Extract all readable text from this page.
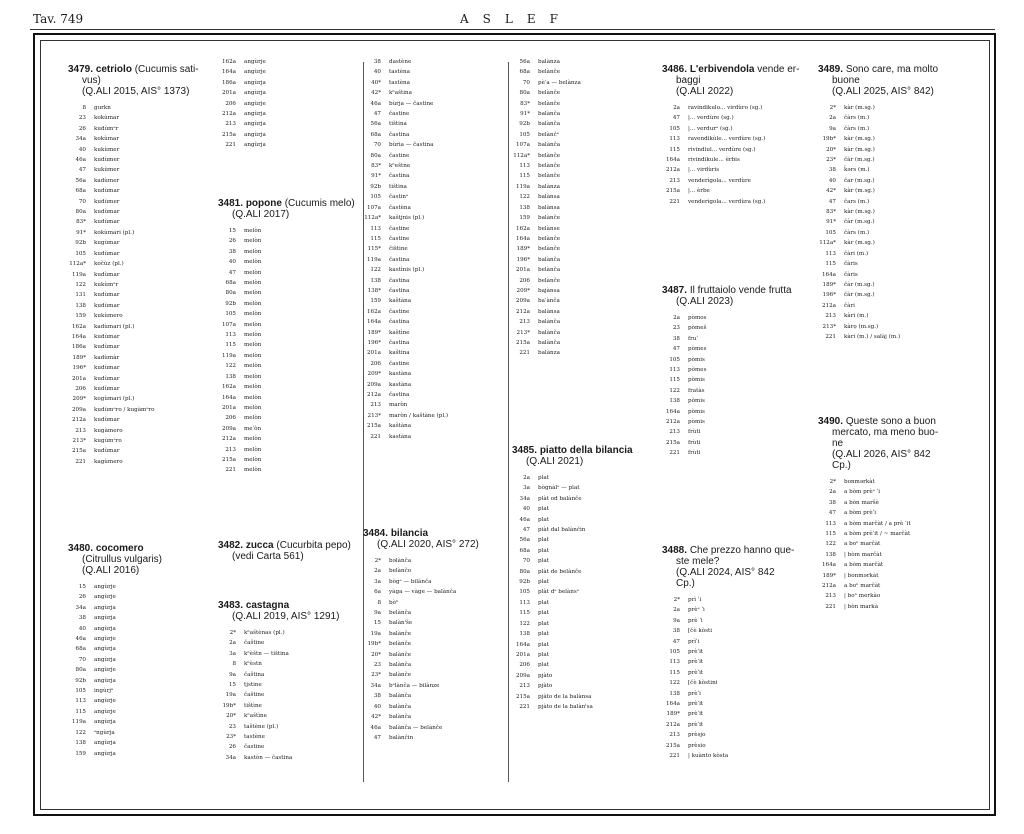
Tav. 749	ASLEF
3479. cetriolo (Cucumis sati-
vus)
(Q.ALI 2015, AIS° 1373)
8	gurkn
23	kokùmar
26	kudùmᵉr
34a	kokùmar
40	kukùmer
46a	kudùmer
47	kukùmer
56a	kadùmer
68a	kudùmar
70	kudùmer
80a	kudùmar
83*	kudùmar
91*	kokùmari (pl.)
92b	kugùmar
105	kudùmar
112a*	kočùz (pl.)
119a	kudùmar
122	kukùmᵉr
131	kudùmar
138	kudùmar
159	kukùmero
162a	kadùmari (pl.)
164a	kudùmar
186a	kudùmar
189*	kadùmàr
196*	kudùmar
201a	kudùmar
206	kudùmar
209*	kogùmari (pl.)
209a	kudùmᵉro / kugàmᵉro
212a	kudùmar
213	kugàmero
213*	kugùmᵉro
215a	kudùmar
221	kagùmero
3480. cocomero
(Citrullus vulgaris)
(Q.ALI 2016)
15	angùrje
26	angùrje
34a	angùrja
38	angùrja
40	angùrja
46a	angùrje
68a	angùrja
70	angùrja
80a	angùrje
92b	angùrja
105	ingùrjᵃ
113	angùrje
115	angùrje
119a	angùrja
122	ᵊngùrja
138	angùrja
159	angùrja
162a	angùrje
164a	angùrje
186a	angùrja
201a	angùrja
206	angùrje
212a	angùrja
213	angùrja
215a	angùrja
221	angùrja
3481. popone (Cucumis melo)
(Q.ALI 2017)
15	melòn
26	melòn
38	melòn
40	melòn
47	melòn
68a	melòn
80a	melòn
92b	melòn
105	melòn
107a	melòn
113	melòn
115	melòn
119a	melòn
122	melòn
138	melòn
162a	melòn
164a	melòn
201a	melòn
206	melòn
209a	meˈòn
212a	melòn
213	melòn
215a	melòn
221	melòn
3482. zucca (Cucurbita pepo)
(vedi Carta 561)
3483. castagna
(Q.ALI 2019, AIS° 1291)
2*	kʰaštènas (pl.)
2a	čaštine
3a	kʰèštn — tiština
8	kʰèstn
9a	čaština
15	tjstine
19a	čaštine
19b*	tištìne
20*	kʰaštìne
23	taštène (pl.)
23*	tastène
26	častine
34a	kastòn — častina
38	dastène
40	tastèna
40*	tastèna
42*	kʰaština
46a	bùrja — častine
47	častine
56a	tiština
68a	častina
70	bùria — častina
80a	častine
83*	kʰeštne
91*	častina
92b	tiština
105	častinᵉ
107a	častèna
112a*	kaštjnis (pl.)
113	častine
115	častine
115*	čištine
119a	častina
122	kastìnis (pl.)
138	častina
138*	častina
159	kaštàna
162a	častine
164a	častina
189*	kaštìne
196*	častina
201a	kaština
206	častine
209*	kastàna
209a	kastàna
212a	častina
213	maròn
213*	maròn / kaštàne (pl.)
215a	kaštàna
221	kastàna
3484. bilancia
(Q.ALI 2020, AIS° 272)
2*	bəlànča
2a	belànčo
3a	bògᵉ — bilànča
6a	yàga — vàge — balànča
8	bòʰ
9a	belànča
15	balànᵗše
19a	balànče
19b*	belànče
20*	balànče
23	balànča
23*	balànče
34a	bᵉlànča — bilànze
38	balànča
40	balànča
42*	balànča
46a	balànča — belànče
47	balànčin
56a	balànza
68a	belànče
70	pèˈa — belànza
80a	belànče
83*	belànče
91*	balànča
92b	balànča
105	belànčᵉ
107a	balànča
112a*	belànče
113	belànče
115	belànče
119a	balànza
122	balànsa
138	balànsa
159	balànče
162a	belànse
164a	belànče
189*	belànče
196*	balànča
201a	belànča
206	belànče
209*	bajànsa
209a	baˈànča
212a	balànsa
213	balànča
213*	balànča
215a	balànča
221	balànza
3485. piatto della bilancia
(Q.ALI 2021)
2a	plat
3a	bògnàlᵉ — plat
34a	plàt od balànče
40	plat
46a	plat
47	piàt dal balànčin
56a	plat
68a	plat
70	plat
80a	plàt de belànče
92b	plat
105	plàt dᵉ belànsᵉ
113	plat
115	plat
122	plat
138	plat
164a	plat
201a	plat
206	plat
209a	pjàto
213	pjàto
215a	pjàto de la balànsa
221	pjàto de la balànᵗsa
3486. L'erbivendola vende er-
baggi
(Q.ALI 2022)
2a	ravindikulo... virdùro (sg.)
47	|... verdùre (sg.)
105	|... verdurᵉ (sg.)
113	ravendikùle... verdùre (sg.)
115	rivindiul... verdùre (sg.)
164a	rivindikule... èrbis
212a	|... virdùris
213	venderìgola... verdùre
215a	|... èrbe
221	venderìgola... verdùra (sg.)
3487. Il fruttaiolo vende frutta
(Q.ALI 2023)
2a	pòmos
23	pòmeš
38	fruˈ
47	pòmes
105	pòmis
113	pòmes
115	pòmis
122	fratàs
138	pòmis
164a	pòmis
212a	pòmis
213	frùti
215a	frùti
221	frùti
3488. Che prezzo hanno que-
ste mele?
(Q.ALI 2024, AIS° 842
Cp.)
2*	prì ˈi
2a	prèᵉ ˈi
9a	prè ˈi
38	[čè kòsti
47	prìˈi
105	prèˈit
113	prèˈit
115	prèˈit
122	[čè kòstini
138	prèˈi
164a	prèˈit
189*	prèˈit
212a	prèˈit
213	prèsjo
215a	prèsio
221	| kuànto kòsta
3489. Sono care, ma molto
buone
(Q.ALI 2025, AIS° 842)
2*	kàr (m.sg.)
2a	čàrs (m.)
9a	čàrs (m.)
19b*	kàr (m.sg.)
20*	kàr (m.sg.)
23*	čàr (m.sg.)
38	ǩərs (m.)
40	čar (m.sg.)
42*	kàr (m.sg.)
47	čars (m.)
83*	kàr (m.sg.)
91*	čàr (m.sg.)
105	čàrs (m.)
112a*	kàr (m.sg.)
113	čàri (m.)
115	čàris
164a	čàris
189*	čàr (m.sg.)
196*	čàr (m.sg.)
212a	čàri
213	kàri (m.)
213*	kàrọ (m.sg.)
221	kàri (m.) / salàj (m.)
3490. Queste sono a buon
mercato, ma meno buo-
ne
(Q.ALI 2026, AIS° 842
Cp.)
2*	bonmərkàt
2a	a bòm prèᵉ ˈi
38	a bòn maršè
47	a bòm prèˈi
113	a bòm marčàt / a prè ˈit
115	a bòm prèˈit / ~ marčàt
122	a boⁿ marčàt
138	| bòm marčàt
164a	a bòm marčàt
189*	| bonmərkàt
212a	a boⁿ marčàt
213	| boⁿ merkào
221	| bòn markà
